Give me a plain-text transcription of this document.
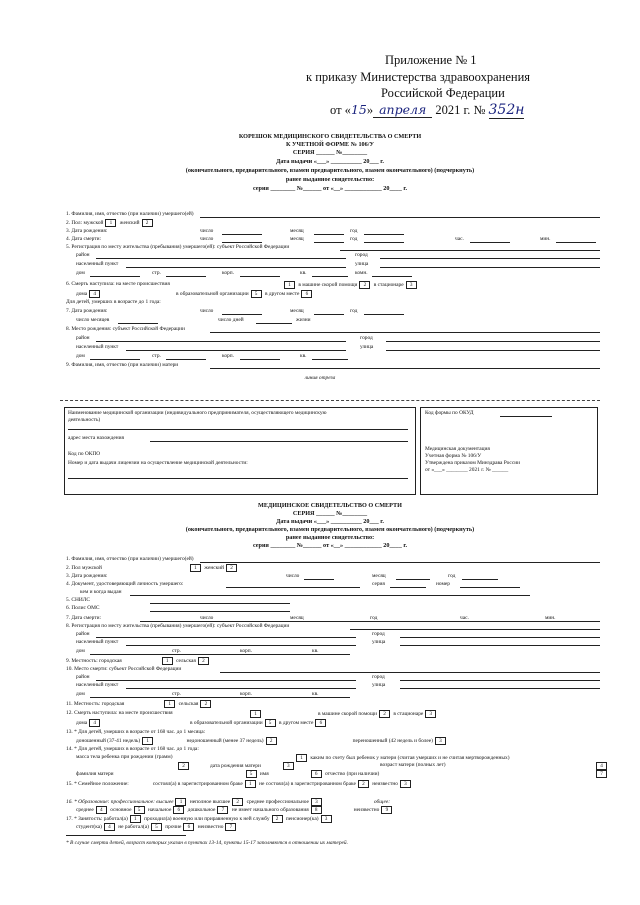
Приложение № 1
к приказу Министерства здравоохранения
Российской Федерации
от «15» апреля 2021 г. № 352н
КОРЕШОК МЕДИЦИНСКОГО СВИДЕТЕЛЬСТВА О СМЕРТИ
К УЧЕТНОЙ ФОРМЕ № 106/У
СЕРИЯ ______ №________
Дата выдачи «___» __________ 20___ г.
(окончательного, предварительного, взамен предварительного, взамен окончательного) (подчеркнуть)
ранее выданное свидетельство:
серия ________ №______ от «__» ____________ 20____ г.
1. Фамилия, имя, отчество (при наличии) умершего(ей)
2. Пол: мужской 1 женский 2
3. Дата рождения:	число	месяц	год
4. Дата смерти:	число	месяц	год	час.	мин.
5. Регистрация по месту жительства (пребывания) умершего(ей): субъект Российской Федерации
район	город
населенный пункт	улица
дом	стр.	корп.	кв.	комн.
6. Смерть наступила: на месте происшествия	1 в машине скорой помощи 2 в стационаре 3
дома 4	в образовательной организации 5 в другом месте 6
Для детей, умерших в возрасте до 1 года:
7. Дата рождения:	число	месяц	год
число месяцев	число дней	жизни
8. Место рождения: субъект Российской Федерации
район	город
населенный пункт	улица
дом	стр.	корп.	кв.
9. Фамилия, имя, отчество (при наличии) матери
линия отреза
Наименование медицинской организации (индивидуального предпринимателя, осуществляющего медицинскую деятельность)
адрес места нахождения
Код по ОКПО
Номер и дата выдачи лицензии на осуществление медицинской деятельности:
Код формы по ОКУД
Медицинская документация
Учетная форма № 106/У
Утверждена приказом Минздрава России
от «___» ________ 2021 г. № ______
МЕДИЦИНСКОЕ СВИДЕТЕЛЬСТВО О СМЕРТИ
СЕРИЯ ______ №________
Дата выдачи «___» __________ 20___ г.
(окончательного, предварительного, взамен предварительного, взамен окончательного) (подчеркнуть)
ранее выданное свидетельство:
серия ________ №______ от «__» ____________ 20____ г.
1. Фамилия, имя, отчество (при наличии) умершего(ей)
2. Пол мужской	1 женский 2
3. Дата рождения:	число	месяц	год
4. Документ, удостоверяющий личность умершего:	серия	номер
кем и когда выдан
5. СНИЛС
6. Полис ОМС
7. Дата смерти:	число	месяц	год	час.	мин.
8. Регистрация по месту жительства (пребывания) умершего(ей): субъект Российской Федерации
район	город
населенный пункт	улица
дом	стр.	корп.	кв.
9. Местность: городская	1 сельская 2
10. Место смерти: субъект Российской Федерации
район	город
населенный пункт	улица
дом	стр.	корп.	кв.
11. Местность: городская	1 сельская 2
12. Смерть наступила: на месте происшествия	1	в машине скорой помощи 2 в стационаре 3
дома 4	в образовательной организации 5 в другом месте 6
13. * Для детей, умерших в возрасте от 168 час. до 1 месяца:
доношенный (37-41 недель) 1	недоношенный (менее 37 недель) 2	переношенный (42 недель и более) 3
14. * Для детей, умерших в возрасте от 168 час. до 1 года:
масса тела ребенка при рождении (грамм)
2
1 каким по счету был ребенок у матери (считая умерших и не считая мертворожденных)
дата рождения матери	3	возраст матери (полных лет)	4
фамилия матери	5 имя	6 отчество (при наличии)	7
15. * Семейное положение:	состоял(а) в зарегистрированном браке 1 не состоял(а) в зарегистрированном браке 2 неизвестно 3
16. * Образование: профессиональное: высшее 1 неполное высшее 2 среднее профессиональное 3	общее:
среднее 4 основное 5 начальное 6 дошкольное 7 не имеет начального образования 8	неизвестно 9
17. * Занятость: работал(а) 1 проходил(а) военную или приравненную к ней службу 2 пенсионер(ка) 3
студент(ка) 4 не работал(а) 5 прочие 6 неизвестно 7
* В случае смерти детей, возраст которых указан в пунктах 13-14, пункты 15-17 заполняются в отношении их матерей.
